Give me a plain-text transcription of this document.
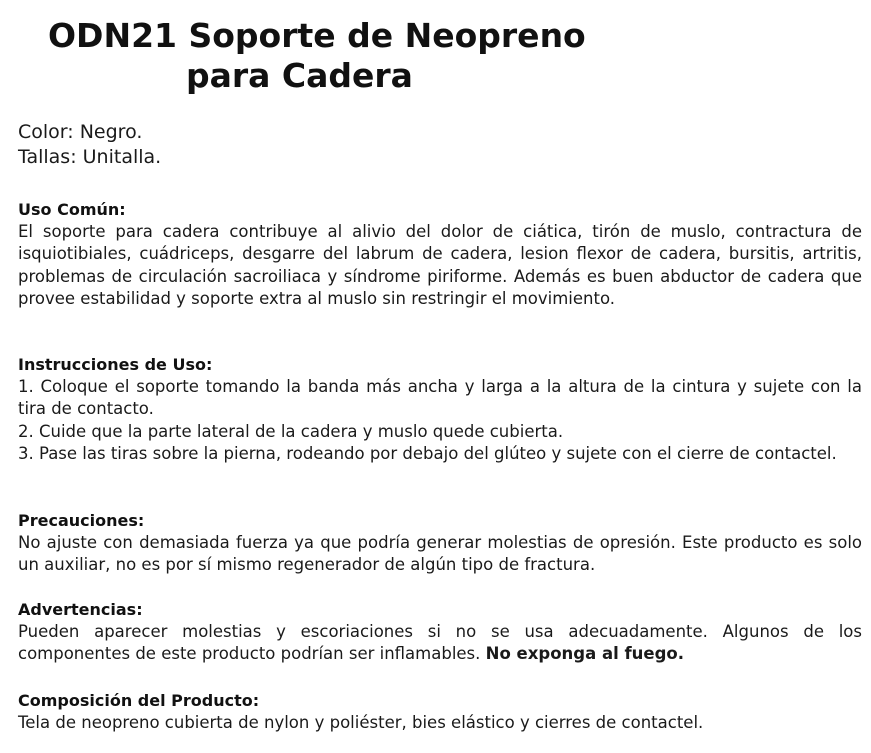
ODN21 Soporte de Neopreno
para Cadera
Color: Negro.
Tallas: Unitalla.
Uso Común:

El soporte para cadera contribuye al alivio del dolor de ciática, tirón de muslo, contractura de isquiotibiales, cuádriceps, desgarre del labrum de cadera, lesion flexor de cadera, bursitis, artritis, problemas de circulación sacroiliaca y síndrome piriforme. Además es buen abductor de cadera que provee estabilidad y soporte extra al muslo sin restringir el movimiento.

Instrucciones de Uso:

1. Coloque el soporte tomando la banda más ancha y larga a la altura de la cintura y sujete con la tira de contacto.

2. Cuide que la parte lateral de la cadera y muslo quede cubierta.

3. Pase las tiras sobre la pierna, rodeando por debajo del glúteo y sujete con el cierre de contactel.

Precauciones:

No ajuste con demasiada fuerza ya que podría generar molestias de opresión. Este producto es solo un auxiliar, no es por sí mismo regenerador de algún tipo de fractura.

Advertencias:

Pueden aparecer molestias y escoriaciones si no se usa adecuadamente. Algunos de los componentes de este producto podrían ser inflamables. No exponga al fuego.

Composición del Producto:

Tela de neopreno cubierta de nylon y poliéster, bies elástico y cierres de contactel.
